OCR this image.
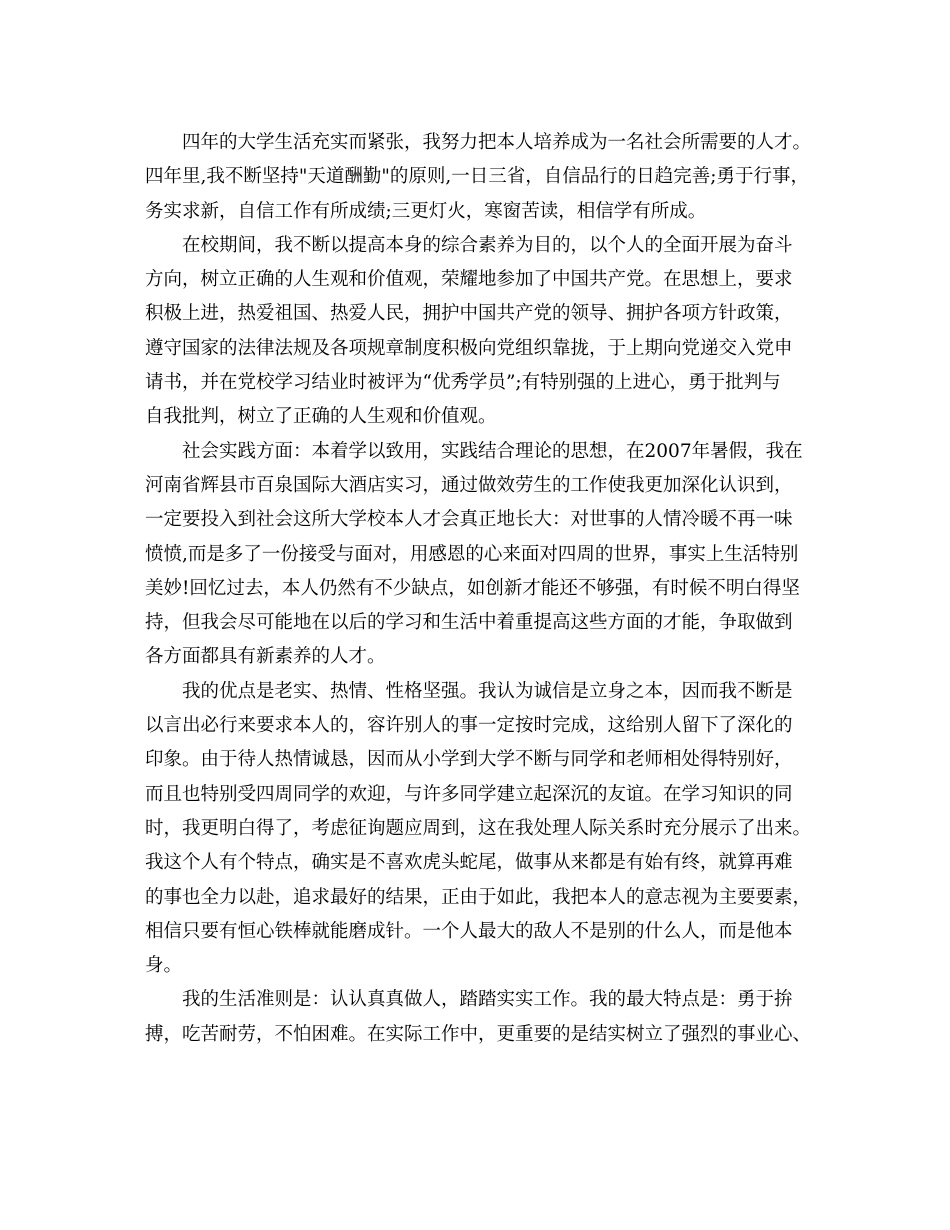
四年的大学生活充实而紧张，我努力把本人培养成为一名社会所需要的人才。
四年里,我不断坚持"天道酬勤"的原则,一日三省，自信品行的日趋完善;勇于行事，
务实求新，自信工作有所成绩;三更灯火，寒窗苦读，相信学有所成。
在校期间，我不断以提高本身的综合素养为目的，以个人的全面开展为奋斗
方向，树立正确的人生观和价值观，荣耀地参加了中国共产党。在思想上，要求
积极上进，热爱祖国、热爱人民，拥护中国共产党的领导、拥护各项方针政策，
遵守国家的法律法规及各项规章制度积极向党组织靠拢，于上期向党递交入党申
请书，并在党校学习结业时被评为“优秀学员”;有特别强的上进心，勇于批判与
自我批判，树立了正确的人生观和价值观。
社会实践方面：本着学以致用，实践结合理论的思想，在2007年暑假，我在
河南省辉县市百泉国际大酒店实习，通过做效劳生的工作使我更加深化认识到，
一定要投入到社会这所大学校本人才会真正地长大：对世事的人情冷暖不再一味
愤愤,而是多了一份接受与面对，用感恩的心来面对四周的世界，事实上生活特别
美妙!回忆过去，本人仍然有不少缺点，如创新才能还不够强，有时候不明白得坚
持，但我会尽可能地在以后的学习和生活中着重提高这些方面的才能，争取做到
各方面都具有新素养的人才。
我的优点是老实、热情、性格坚强。我认为诚信是立身之本，因而我不断是
以言出必行来要求本人的，容许别人的事一定按时完成，这给别人留下了深化的
印象。由于待人热情诚恳，因而从小学到大学不断与同学和老师相处得特别好，
而且也特别受四周同学的欢迎，与许多同学建立起深沉的友谊。在学习知识的同
时，我更明白得了，考虑征询题应周到，这在我处理人际关系时充分展示了出来。
我这个人有个特点，确实是不喜欢虎头蛇尾，做事从来都是有始有终，就算再难
的事也全力以赴，追求最好的结果，正由于如此，我把本人的意志视为主要要素，
相信只要有恒心铁棒就能磨成针。一个人最大的敌人不是别的什么人，而是他本
身。
我的生活准则是：认认真真做人，踏踏实实工作。我的最大特点是：勇于拚
搏，吃苦耐劳，不怕困难。在实际工作中，更重要的是结实树立了强烈的事业心、
